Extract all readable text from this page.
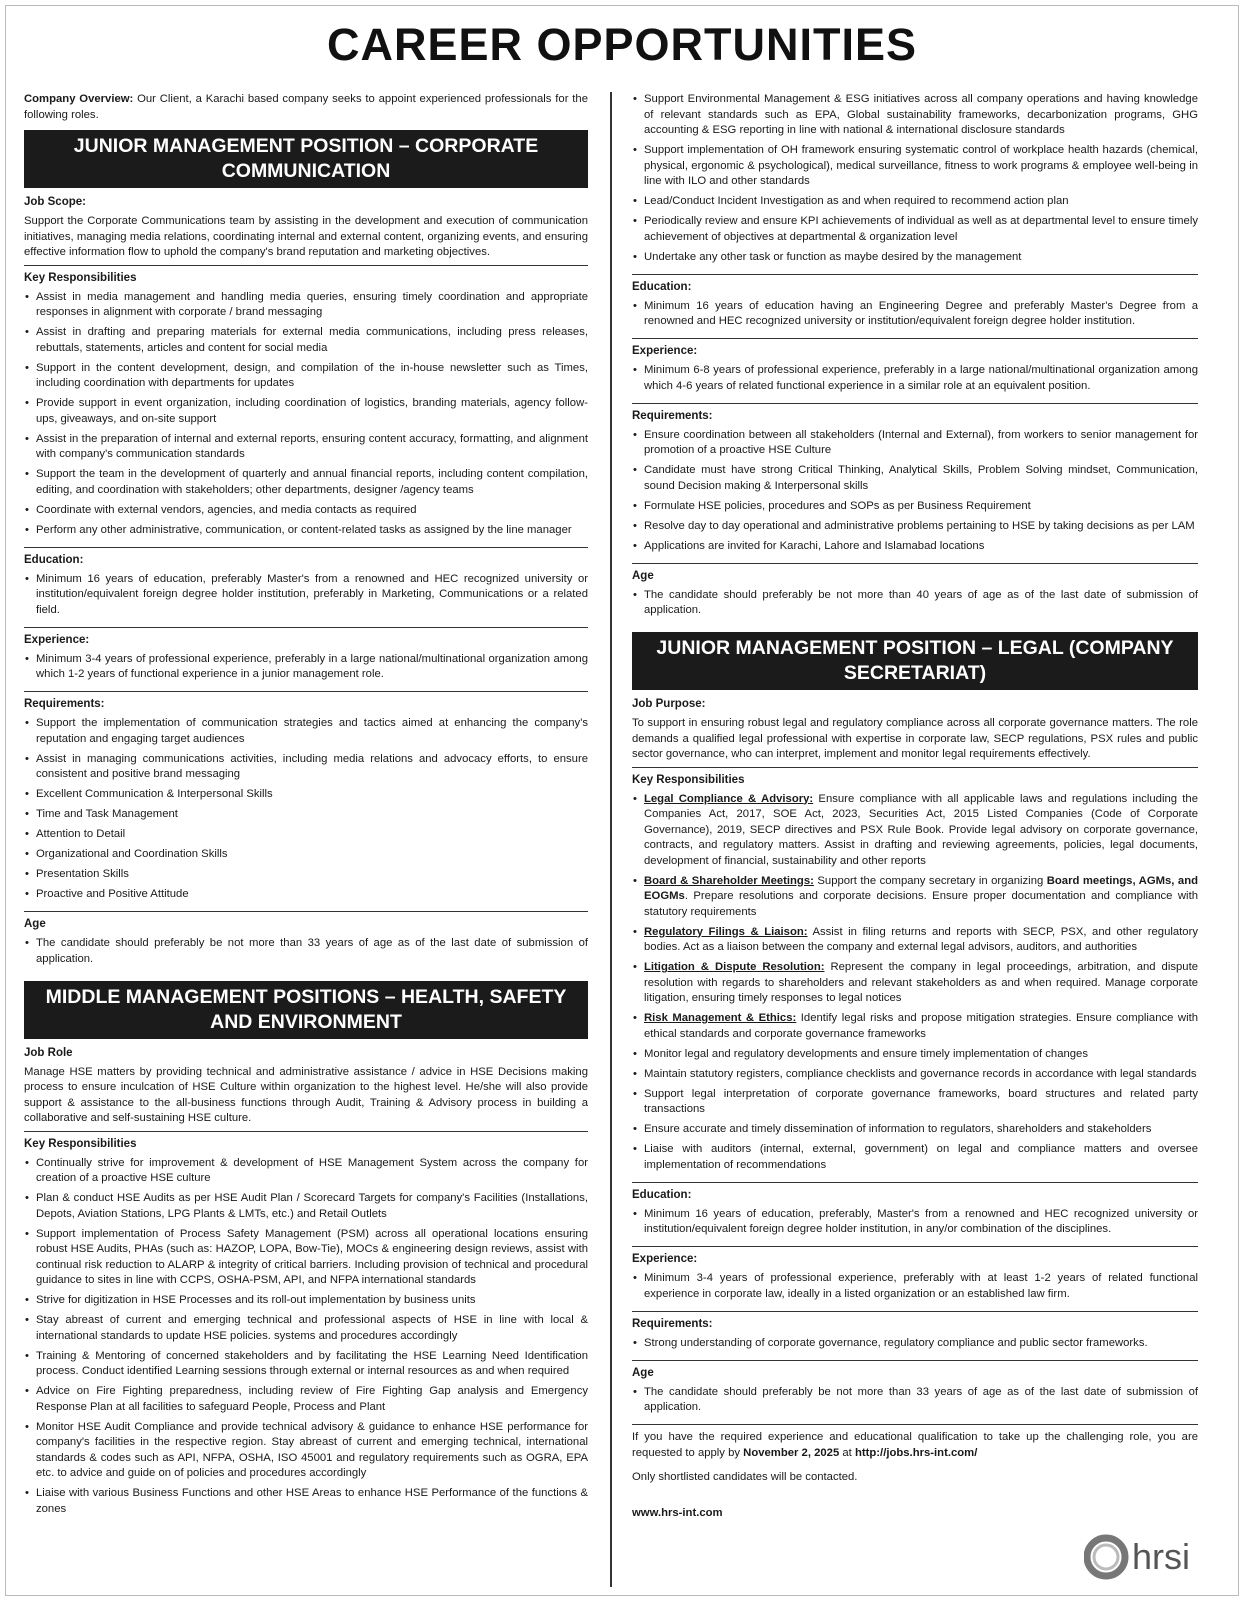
CAREER OPPORTUNITIES

Company Overview: Our Client, a Karachi based company seeks to appoint experienced professionals for the following roles.

JUNIOR MANAGEMENT POSITION – CORPORATE COMMUNICATION
Job Scope:

Support the Corporate Communications team by assisting in the development and execution of communication initiatives, managing media relations, coordinating internal and external content, organizing events, and ensuring effective information flow to uphold the company's brand reputation and marketing objectives.

Key Responsibilities
• Assist in media management and handling media queries, ensuring timely coordination and appropriate responses in alignment with corporate / brand messaging
• Assist in drafting and preparing materials for external media communications, including press releases, rebuttals, statements, articles and content for social media
• Support in the content development, design, and compilation of the in-house newsletter such as Times, including coordination with departments for updates
• Provide support in event organization, including coordination of logistics, branding materials, agency follow-ups, giveaways, and on-site support
• Assist in the preparation of internal and external reports, ensuring content accuracy, formatting, and alignment with company's communication standards
• Support the team in the development of quarterly and annual financial reports, including content compilation, editing, and coordination with stakeholders; other departments, designer /agency teams
• Coordinate with external vendors, agencies, and media contacts as required
• Perform any other administrative, communication, or content-related tasks as assigned by the line manager
Education:
• Minimum 16 years of education, preferably Master's from a renowned and HEC recognized university or institution/equivalent foreign degree holder institution, preferably in Marketing, Communications or a related field.
Experience:
• Minimum 3-4 years of professional experience, preferably in a large national/multinational organization among which 1-2 years of functional experience in a junior management role.
Requirements:
• Support the implementation of communication strategies and tactics aimed at enhancing the company's reputation and engaging target audiences
• Assist in managing communications activities, including media relations and advocacy efforts, to ensure consistent and positive brand messaging
• Excellent Communication & Interpersonal Skills
• Time and Task Management
• Attention to Detail
• Organizational and Coordination Skills
• Presentation Skills
• Proactive and Positive Attitude
Age
• The candidate should preferably be not more than 33 years of age as of the last date of submission of application.
MIDDLE MANAGEMENT POSITIONS – HEALTH, SAFETY AND ENVIRONMENT
Job Role

Manage HSE matters by providing technical and administrative assistance / advice in HSE Decisions making process to ensure inculcation of HSE Culture within organization to the highest level. He/she will also provide support & assistance to the all-business functions through Audit, Training & Advisory process in building a collaborative and self-sustaining HSE culture.

Key Responsibilities
• Continually strive for improvement & development of HSE Management System across the company for creation of a proactive HSE culture
• Plan & conduct HSE Audits as per HSE Audit Plan / Scorecard Targets for company's Facilities (Installations, Depots, Aviation Stations, LPG Plants & LMTs, etc.) and Retail Outlets
• Support implementation of Process Safety Management (PSM) across all operational locations ensuring robust HSE Audits, PHAs (such as: HAZOP, LOPA, Bow-Tie), MOCs & engineering design reviews, assist with continual risk reduction to ALARP & integrity of critical barriers. Including provision of technical and procedural guidance to sites in line with CCPS, OSHA-PSM, API, and NFPA international standards
• Strive for digitization in HSE Processes and its roll-out implementation by business units
• Stay abreast of current and emerging technical and professional aspects of HSE in line with local & international standards to update HSE policies. systems and procedures accordingly
• Training & Mentoring of concerned stakeholders and by facilitating the HSE Learning Need Identification process. Conduct identified Learning sessions through external or internal resources as and when required
• Advice on Fire Fighting preparedness, including review of Fire Fighting Gap analysis and Emergency Response Plan at all facilities to safeguard People, Process and Plant
• Monitor HSE Audit Compliance and provide technical advisory & guidance to enhance HSE performance for company's facilities in the respective region. Stay abreast of current and emerging technical, international standards & codes such as API, NFPA, OSHA, ISO 45001 and regulatory requirements such as OGRA, EPA etc. to advice and guide on of policies and procedures accordingly
• Liaise with various Business Functions and other HSE Areas to enhance HSE Performance of the functions & zones
• Support Environmental Management & ESG initiatives across all company operations and having knowledge of relevant standards such as EPA, Global sustainability frameworks, decarbonization programs, GHG accounting & ESG reporting in line with national & international disclosure standards
• Support implementation of OH framework ensuring systematic control of workplace health hazards (chemical, physical, ergonomic & psychological), medical surveillance, fitness to work programs & employee well-being in line with ILO and other standards
• Lead/Conduct Incident Investigation as and when required to recommend action plan
• Periodically review and ensure KPI achievements of individual as well as at departmental level to ensure timely achievement of objectives at departmental & organization level
• Undertake any other task or function as maybe desired by the management
Education:
• Minimum 16 years of education having an Engineering Degree and preferably Master's Degree from a renowned and HEC recognized university or institution/equivalent foreign degree holder institution.
Experience:
• Minimum 6-8 years of professional experience, preferably in a large national/multinational organization among which 4-6 years of related functional experience in a similar role at an equivalent position.
Requirements:
• Ensure coordination between all stakeholders (Internal and External), from workers to senior management for promotion of a proactive HSE Culture
• Candidate must have strong Critical Thinking, Analytical Skills, Problem Solving mindset, Communication, sound Decision making & Interpersonal skills
• Formulate HSE policies, procedures and SOPs as per Business Requirement
• Resolve day to day operational and administrative problems pertaining to HSE by taking decisions as per LAM
• Applications are invited for Karachi, Lahore and Islamabad locations
Age
• The candidate should preferably be not more than 40 years of age as of the last date of submission of application.
JUNIOR MANAGEMENT POSITION – LEGAL (COMPANY SECRETARIAT)
Job Purpose:

To support in ensuring robust legal and regulatory compliance across all corporate governance matters. The role demands a qualified legal professional with expertise in corporate law, SECP regulations, PSX rules and public sector governance, who can interpret, implement and monitor legal requirements effectively.

Key Responsibilities
• Legal Compliance & Advisory: Ensure compliance with all applicable laws and regulations including the Companies Act, 2017, SOE Act, 2023, Securities Act, 2015 Listed Companies (Code of Corporate Governance), 2019, SECP directives and PSX Rule Book. Provide legal advisory on corporate governance, contracts, and regulatory matters. Assist in drafting and reviewing agreements, policies, legal documents, development of financial, sustainability and other reports
• Board & Shareholder Meetings: Support the company secretary in organizing Board meetings, AGMs, and EOGMs. Prepare resolutions and corporate decisions. Ensure proper documentation and compliance with statutory requirements
• Regulatory Filings & Liaison: Assist in filing returns and reports with SECP, PSX, and other regulatory bodies. Act as a liaison between the company and external legal advisors, auditors, and authorities
• Litigation & Dispute Resolution: Represent the company in legal proceedings, arbitration, and dispute resolution with regards to shareholders and relevant stakeholders as and when required. Manage corporate litigation, ensuring timely responses to legal notices
• Risk Management & Ethics: Identify legal risks and propose mitigation strategies. Ensure compliance with ethical standards and corporate governance frameworks
• Monitor legal and regulatory developments and ensure timely implementation of changes
• Maintain statutory registers, compliance checklists and governance records in accordance with legal standards
• Support legal interpretation of corporate governance frameworks, board structures and related party transactions
• Ensure accurate and timely dissemination of information to regulators, shareholders and stakeholders
• Liaise with auditors (internal, external, government) on legal and compliance matters and oversee implementation of recommendations
Education:
• Minimum 16 years of education, preferably, Master's from a renowned and HEC recognized university or institution/equivalent foreign degree holder institution, in any/or combination of the disciplines.
Experience:
• Minimum 3-4 years of professional experience, preferably with at least 1-2 years of related functional experience in corporate law, ideally in a listed organization or an established law firm.
Requirements:
• Strong understanding of corporate governance, regulatory compliance and public sector frameworks.
Age
• The candidate should preferably be not more than 33 years of age as of the last date of submission of application.

If you have the required experience and educational qualification to take up the challenging role, you are requested to apply by November 2, 2025 at http://jobs.hrs-int.com/

Only shortlisted candidates will be contacted.

www.hrs-int.com

hrsi
